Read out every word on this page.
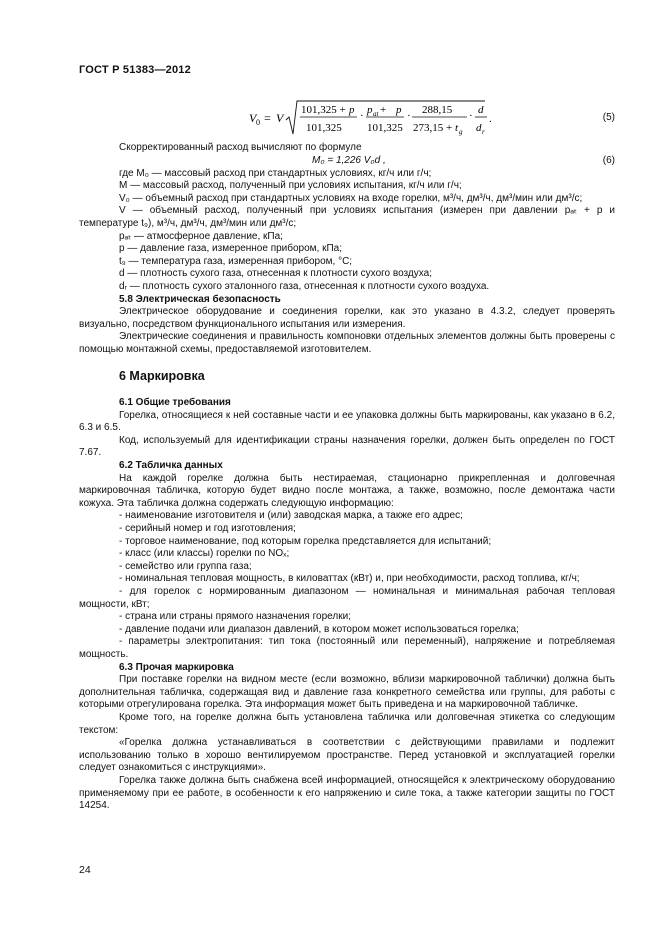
ГОСТ Р 51383—2012
V 0 = V
101,325 + p
101,325
· p at + p
101,325
· 288,15
273,15 + t g
· d
d r
.	(5)

Скорректированный расход вычисляют по формуле

M₀ = 1,226 V₀d ,	(6)

где M₀ — массовый расход при стандартных условиях, кг/ч или г/ч;

M — массовый расход, полученный при условиях испытания, кг/ч или г/ч;

V₀ — объемный расход при стандартных условиях на входе горелки, м³/ч, дм³/ч, дм³/мин или дм³/с;

V — объемный расход, полученный при условиях испытания (измерен при давлении pₐₜ + p и температуре t₉), м³/ч, дм³/ч, дм³/мин или дм³/с;

pₐₜ — атмосферное давление, кПа;

p — давление газа, измеренное прибором, кПа;

t₉ — температура газа, измеренная прибором, °С;

d — плотность сухого газа, отнесенная к плотности сухого воздуха;

dᵣ — плотность сухого эталонного газа, отнесенная к плотности сухого воздуха.

5.8 Электрическая безопасность

Электрическое оборудование и соединения горелки, как это указано в 4.3.2, следует проверять визуально, посредством функционального испытания или измерения.

Электрические соединения и правильность компоновки отдельных элементов должны быть проверены с помощью монтажной схемы, предоставляемой изготовителем.

6 Маркировка
6.1 Общие требования

Горелка, относящиеся к ней составные части и ее упаковка должны быть маркированы, как указано в 6.2, 6.3 и 6.5.

Код, используемый для идентификации страны назначения горелки, должен быть определен по ГОСТ 7.67.

6.2 Табличка данных

На каждой горелке должна быть нестираемая, стационарно прикрепленная и долговечная маркировочная табличка, которую будет видно после монтажа, а также, возможно, после демонтажа части кожуха. Эта табличка должна содержать следующую информацию:

- наименование изготовителя и (или) заводская марка, а также его адрес;

- серийный номер и год изготовления;

- торговое наименование, под которым горелка представляется для испытаний;

- класс (или классы) горелки по NOₓ;

- семейство или группа газа;

- номинальная тепловая мощность, в киловаттах (кВт) и, при необходимости, расход топлива, кг/ч;

- для горелок с нормированным диапазоном — номинальная и минимальная рабочая тепловая мощности, кВт;

- страна или страны прямого назначения горелки;

- давление подачи или диапазон давлений, в котором может использоваться горелка;

- параметры электропитания: тип тока (постоянный или переменный), напряжение и потребляемая мощность.

6.3 Прочая маркировка

При поставке горелки на видном месте (если возможно, вблизи маркировочной таблички) должна быть дополнительная табличка, содержащая вид и давление газа конкретного семейства или группы, для работы с которыми отрегулирована горелка. Эта информация может быть приведена и на маркировочной табличке.

Кроме того, на горелке должна быть установлена табличка или долговечная этикетка со следующим текстом:

«Горелка должна устанавливаться в соответствии с действующими правилами и подлежит использованию только в хорошо вентилируемом пространстве. Перед установкой и эксплуатацией горелки следует ознакомиться с инструкциями».

Горелка также должна быть снабжена всей информацией, относящейся к электрическому оборудованию применяемому при ее работе, в особенности к его напряжению и силе тока, а также категории защиты по ГОСТ 14254.

24
